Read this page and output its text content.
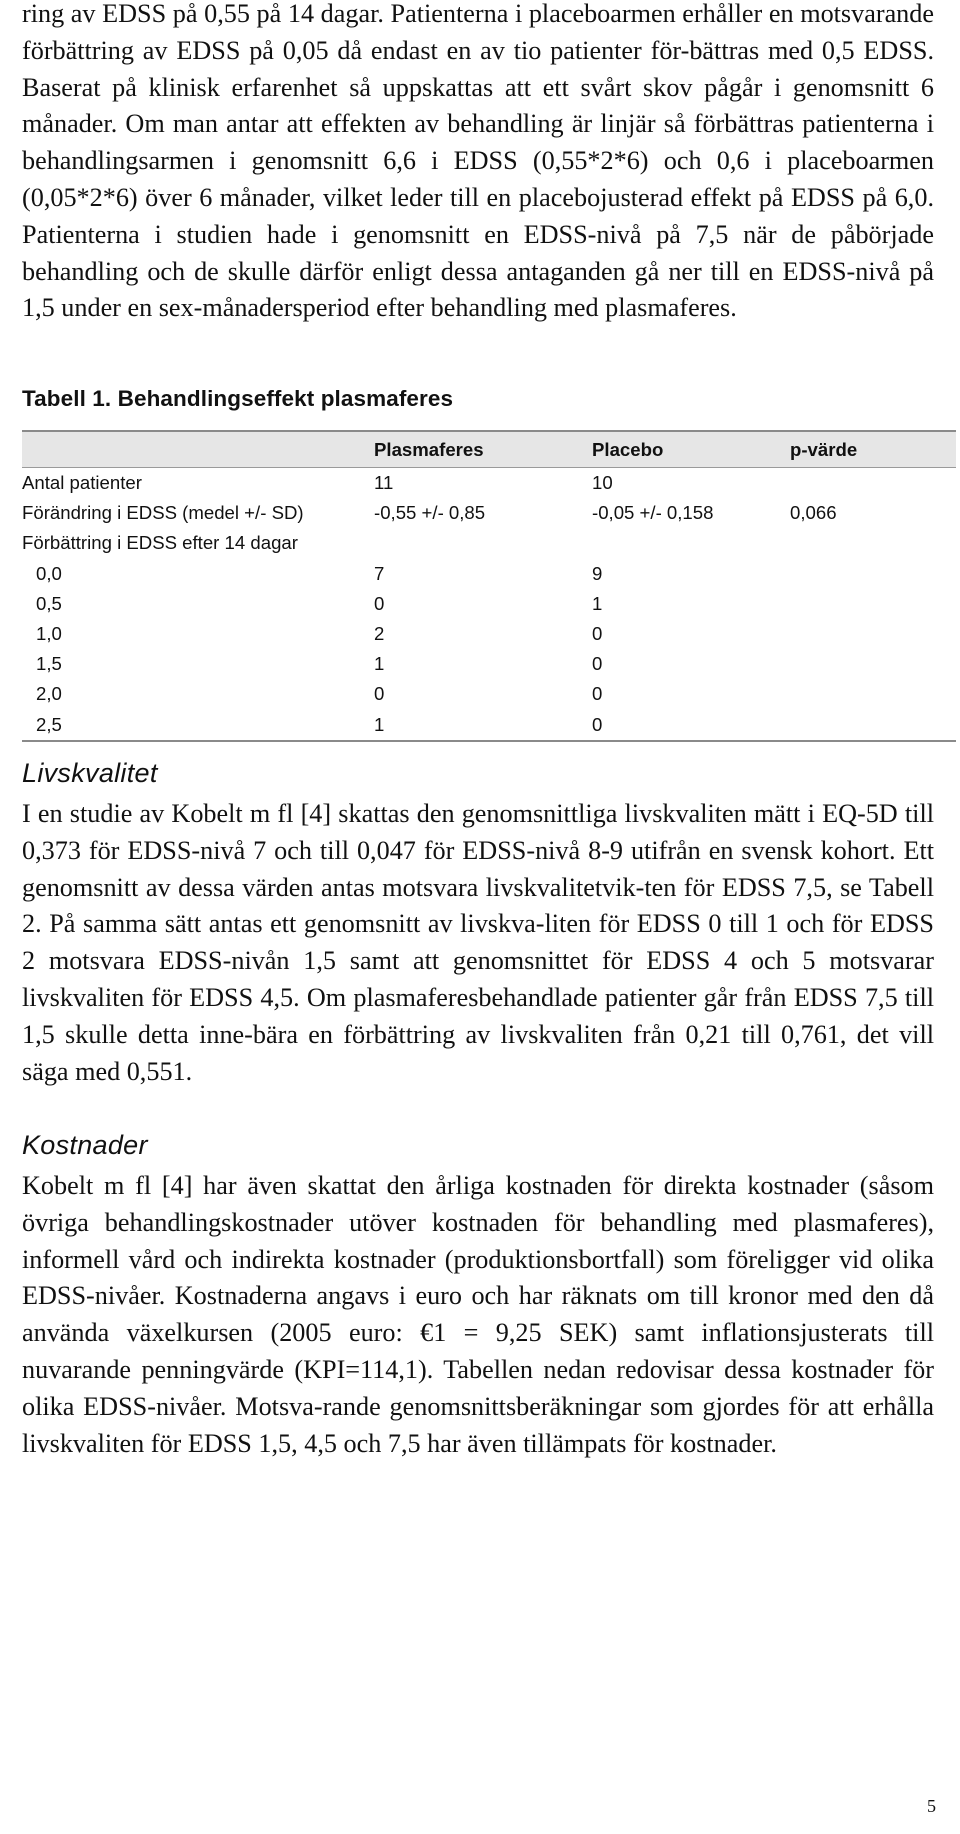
ring av EDSS på 0,55 på 14 dagar. Patienterna i placeboarmen erhåller en motsvarande förbättring av EDSS på 0,05 då endast en av tio patienter för-bättras med 0,5 EDSS. Baserat på klinisk erfarenhet så uppskattas att ett svårt skov pågår i genomsnitt 6 månader. Om man antar att effekten av behandling är linjär så förbättras patienterna i behandlingsarmen i genomsnitt 6,6 i EDSS (0,55*2*6) och 0,6 i placeboarmen (0,05*2*6) över 6 månader, vilket leder till en placebojusterad effekt på EDSS på 6,0. Patienterna i studien hade i genomsnitt en EDSS-nivå på 7,5 när de påbörjade behandling och de skulle därför enligt dessa antaganden gå ner till en EDSS-nivå på 1,5 under en sex-månadersperiod efter behandling med plasmaferes.

Tabell 1. Behandlingseffekt plasmaferes
	Plasmaferes	Placebo	p-värde
Antal patienter	11	10	
Förändring i EDSS (medel +/- SD)	-0,55 +/- 0,85	-0,05 +/- 0,158	0,066
Förbättring i EDSS efter 14 dagar			
0,0	7	9	
0,5	0	1	
1,0	2	0	
1,5	1	0	
2,0	0	0	
2,5	1	0	
Livskvalitet

I en studie av Kobelt m fl [4] skattas den genomsnittliga livskvaliten mätt i EQ-5D till 0,373 för EDSS-nivå 7 och till 0,047 för EDSS-nivå 8-9 utifrån en svensk kohort. Ett genomsnitt av dessa värden antas motsvara livskvalitetvik-ten för EDSS 7,5, se Tabell 2. På samma sätt antas ett genomsnitt av livskva-liten för EDSS 0 till 1 och för EDSS 2 motsvara EDSS-nivån 1,5 samt att genomsnittet för EDSS 4 och 5 motsvarar livskvaliten för EDSS 4,5. Om plasmaferesbehandlade patienter går från EDSS 7,5 till 1,5 skulle detta inne-bära en förbättring av livskvaliten från 0,21 till 0,761, det vill säga med 0,551.

Kostnader

Kobelt m fl [4] har även skattat den årliga kostnaden för direkta kostnader (såsom övriga behandlingskostnader utöver kostnaden för behandling med plasmaferes), informell vård och indirekta kostnader (produktionsbortfall) som föreligger vid olika EDSS-nivåer. Kostnaderna angavs i euro och har räknats om till kronor med den då använda växelkursen (2005 euro: €1 = 9,25 SEK) samt inflationsjusterats till nuvarande penningvärde (KPI=114,1). Tabellen nedan redovisar dessa kostnader för olika EDSS-nivåer. Motsva-rande genomsnittsberäkningar som gjordes för att erhålla livskvaliten för EDSS 1,5, 4,5 och 7,5 har även tillämpats för kostnader.

5
